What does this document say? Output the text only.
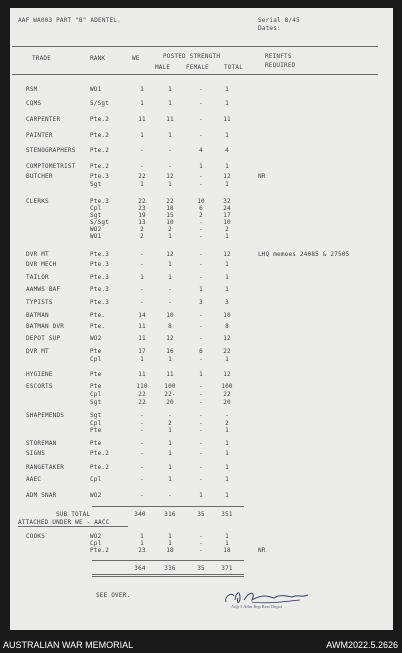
AAF WA003 PART "B" ADENTEL.	Serial 8/45
Dates:
TRADE	RANK	WE	POSTED STRENGTH
MALE	FEMALE	TOTAL
REINFTS
REQUIRED
RSM	WO1	1	1	-	1
CQMS	S/Sgt	1	1	-	1
CARPENTER	Pte.2	11	11	-	11
PAINTER	Pte.2	1	1	-	1
STENOGRAPHERS	Pte.2	-	-	4	4
COMPTOMETRIST	Pte.2	-	-	1	1
BUTCHER	Pte.3	22	12	-	12	NR
Sgt	1	1	-	1
CLERKS	Pte.3	22	22	10	32
Cpl	23	18	6	24
Sgt	19	15	2	17
S/Sgt	13	10	-	10
WO2	2	2	-	2
WO1	2	1	-	1
DVR MT	Pte.3	-	12	-	12	LHQ memoes 24085 & 27505
DVR MECH	Pte.3	-	1	-	1
TAILOR	Pte.3	1	1	-	1
AAMWS BAF	Pte.3	-	-	1	1
TYPISTS	Pte.3	-	-	3	3
BATMAN	Pte.	14	10	-	10
BATMAN DVR	Pte.	11	8	-	8
DEPOT SUP	WO2	11	12	-	12
DVR MT	Pte	17	16	6	22
Cpl	1	1	-	1
HYGIENE	Pte	11	11	1	12
ESCORTS	Pte	110	100	-	100
Cpl	22	22-	-	22
Sgt	22	20	-	20
SHAPEMENDS	Sgt	-	-	-	-
Cpl	-	2	-	2
Pte	-	1	-	1
STOREMAN	Pte	-	1	-	1
SIGNS	Pte.2	-	1	-	1
RANGETAKER	Pte.2	-	1	-	1
AAEC	Cpl	-	1	-	1
ADM SNAR	WO2	-	-	1	1
SUB TOTAL	340	316	35	351
ATTACHED UNDER WE - AACC
COOKS	WO2	1	1	-	1
Cpl	1	1	-	1
Pte.2	23	18	-	18	NR
364	336	35	371
SEE OVER.
Adjt 3 Adm Rep Rew Depot
AUSTRALIAN WAR MEMORIAL	AWM2022.5.2626
